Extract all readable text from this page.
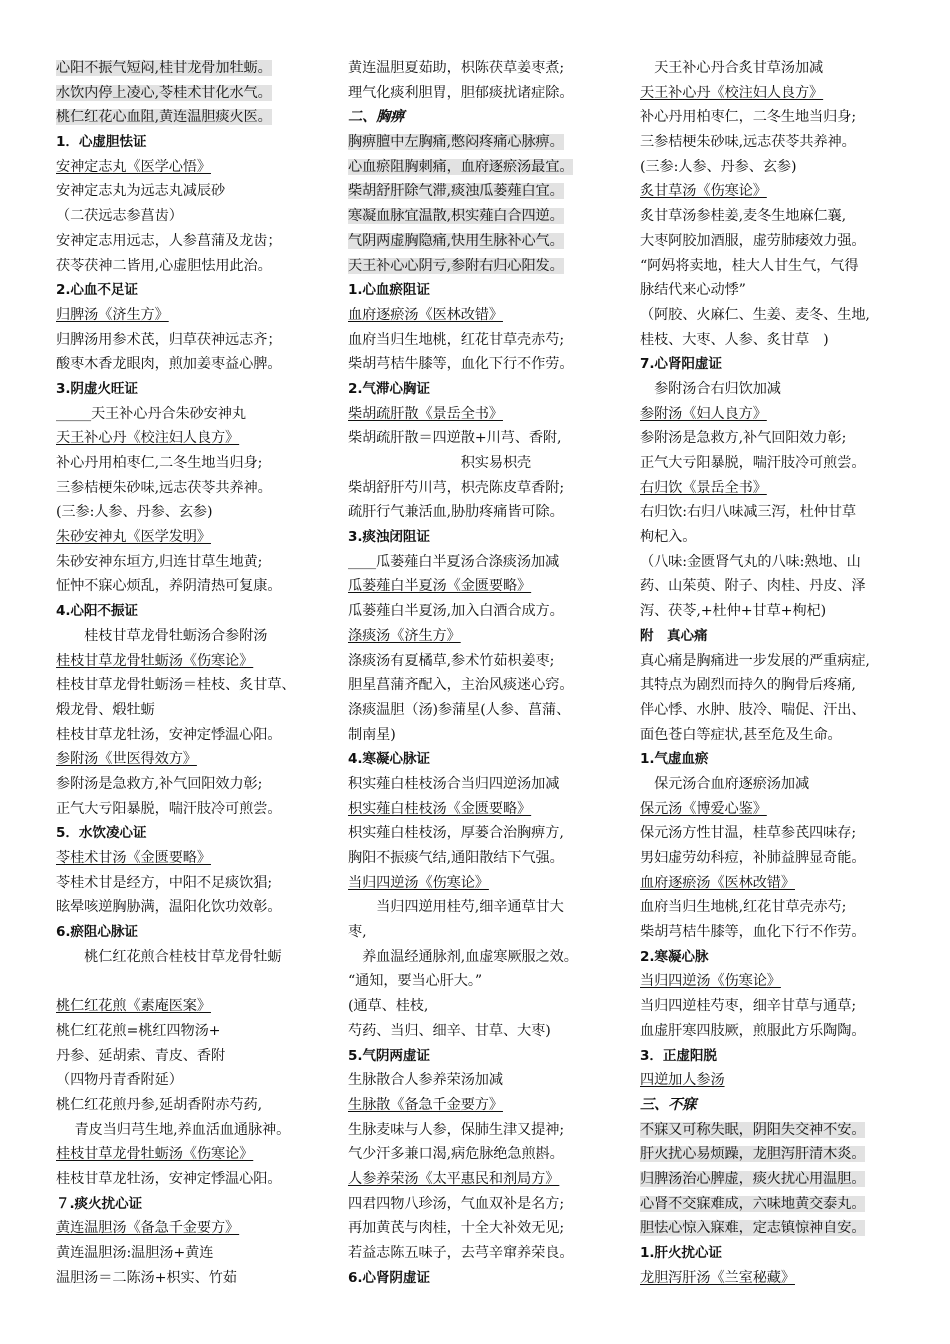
心阳不振气短闷,桂甘龙骨加牡蛎。
水饮内停上凌心,苓桂术甘化水气。
桃仁红花心血阻,黄连温胆痰火医。
1．心虚胆怯证
安神定志丸《医学心悟》
安神定志丸为远志丸减辰砂
（二茯远志参菖齿）
安神定志用远志，人参菖蒲及龙齿；
茯苓茯神二皆用,心虚胆怯用此治。
2.心血不足证
归脾汤《济生方》
归脾汤用参术芪，归草茯神远志齐；
酸枣木香龙眼肉，煎加姜枣益心脾。
3.阴虚火旺证
_____天王补心丹合朱砂安神丸
天王补心丹《校注妇人良方》
补心丹用柏枣仁,二冬生地当归身;
三参桔梗朱砂味,远志茯苓共养神。
(三参:人参、丹参、玄参)
朱砂安神丸《医学发明》
朱砂安神东垣方,归连甘草生地黄;
怔忡不寐心烦乱，养阴清热可复康。
4.心阳不振证
　　桂枝甘草龙骨牡蛎汤合参附汤
桂枝甘草龙骨牡蛎汤《伤寒论》
桂枝甘草龙骨牡蛎汤＝桂枝、炙甘草、
煅龙骨、煅牡蛎
桂枝甘草龙牡汤，安神定悸温心阳。
参附汤《世医得效方》
参附汤是急救方,补气回阳效力彰;
正气大亏阳暴脱，喘汗肢冷可煎尝。
5．水饮凌心证
苓桂术甘汤《金匮要略》
苓桂术甘是经方，中阳不足痰饮猖;
眩晕咳逆胸胁满，温阳化饮功效彰。
6.瘀阻心脉证
　　桃仁红花煎合桂枝甘草龙骨牡蛎
桃仁红花煎《素庵医案》
桃仁红花煎=桃红四物汤+
丹参、延胡索、青皮、香附
（四物丹青香附延）
桃仁红花煎丹参,延胡香附赤芍药,
　 青皮当归芎生地,养血活血通脉神。
桂枝甘草龙骨牡蛎汤《伤寒论》
桂枝甘草龙牡汤，安神定悸温心阳。
７.痰火扰心证
黄连温胆汤《备急千金要方》
黄连温胆汤:温胆汤+黄连
温胆汤＝二陈汤+枳实、竹茹
黄连温胆夏茹助，枳陈茯草姜枣煮;
理气化痰利胆胃，胆郁痰扰诸症除。
二、胸痹
胸痹膻中左胸痛,憋闷疼痛心脉痹。
心血瘀阻胸刺痛，血府逐瘀汤最宜。
柴胡舒肝除气滞,痰浊瓜蒌薤白宜。
寒凝血脉宜温散,枳实薤白合四逆。
气阴两虚胸隐痛,快用生脉补心气。
天王补心心阴亏,参附右归心阳发。
1.心血瘀阻证
血府逐瘀汤《医林改错》
血府当归生地桃，红花甘草壳赤芍;
柴胡芎桔牛膝等，血化下行不作劳。
2.气滞心胸证
柴胡疏肝散《景岳全书》
柴胡疏肝散＝四逆散+川芎、香附,
　　　　　　　　积实易枳壳
柴胡舒肝芍川芎，枳壳陈皮草香附;
疏肝行气兼活血,胁肋疼痛皆可除。
3.痰浊闭阻证
____瓜蒌薤白半夏汤合涤痰汤加减
瓜蒌薤白半夏汤《金匮要略》
瓜蒌薤白半夏汤,加入白酒合成方。
涤痰汤《济生方》
涤痰汤有夏橘草,参术竹茹枳姜枣;
胆星菖蒲齐配入，主治风痰迷心窍。
涤痰温胆（汤)参蒲星(人参、菖蒲、
制南星)
4.寒凝心脉证
积实薤白桂枝汤合当归四逆汤加减
枳实薤白桂枝汤《金匮要略》
枳实薤白桂枝汤，厚蒌合治胸痹方,
胸阳不振痰气结,通阳散结下气强。
当归四逆汤《伤寒论》
　　当归四逆用桂芍,细辛通草甘大
枣,
　养血温经通脉剂,血虚寒厥服之效。
“通知，要当心肝大。”
(通草、桂枝,
芍药、当归、细辛、甘草、大枣)
5.气阴两虚证
生脉散合人参养荣汤加减
生脉散《备急千金要方》
生脉麦味与人参，保肺生津又提神;
气少汗多兼口渴,病危脉绝急煎斟。
人参养荣汤《太平惠民和剂局方》
四君四物八珍汤，气血双补是名方;
再加黄芪与肉桂，十全大补效无见;
若益志陈五味子，去芎辛窜养荣良。
6.心肾阴虚证
　天王补心丹合炙甘草汤加减
天王补心丹《校注妇人良方》
补心丹用柏枣仁，二冬生地当归身;
三参桔梗朱砂味,远志茯苓共养神。
(三参:人参、丹参、玄参)
炙甘草汤《伤寒论》
炙甘草汤参桂姜,麦冬生地麻仁襄,
大枣阿胶加酒服，虚劳肺痿效力强。
“阿妈将卖地，桂大人甘生气，气得
脉结代来心动悸”
（阿胶、火麻仁、生姜、麦冬、生地,
桂枝、大枣、人参、炙甘草　)
7.心肾阳虚证
　参附汤合右归饮加减
参附汤《妇人良方》
参附汤是急救方,补气回阳效力彰;
正气大亏阳暴脱，喘汗肢冷可煎尝。
右归饮《景岳全书》
右归饮:右归八味减三泻，杜仲甘草
枸杞入。
（八味:金匮肾气丸的八味:熟地、山
药、山茱萸、附子、肉桂、丹皮、泽
泻、茯苓,+杜仲+甘草+枸杞)
附　真心痛
真心痛是胸痛进一步发展的严重病症,
其特点为剧烈而持久的胸骨后疼痛,
伴心悸、水肿、肢冷、喘促、汗出、
面色苍白等症状,甚至危及生命。
1.气虚血瘀
　保元汤合血府逐瘀汤加减
保元汤《博爱心鉴》
保元汤方性甘温，桂草参芪四味存;
男妇虚劳幼科痘，补肺益脾显奇能。
血府逐瘀汤《医林改错》
血府当归生地桃,红花甘草壳赤芍;
柴胡芎桔牛膝等，血化下行不作劳。
2.寒凝心脉
当归四逆汤《伤寒论》
当归四逆桂芍枣，细辛甘草与通草;
血虚肝寒四肢厥，煎服此方乐陶陶。
3．正虚阳脱
四逆加人参汤
三、不寐
不寐又可称失眠，阴阳失交神不安。
肝火扰心易烦躁，龙胆泻肝清木炎。
归脾汤治心脾虚，痰火扰心用温胆。
心肾不交寐难成，六味地黄交泰丸。
胆怯心惊入寐难，定志镇惊神自安。
1.肝火扰心证
龙胆泻肝汤《兰室秘藏》
